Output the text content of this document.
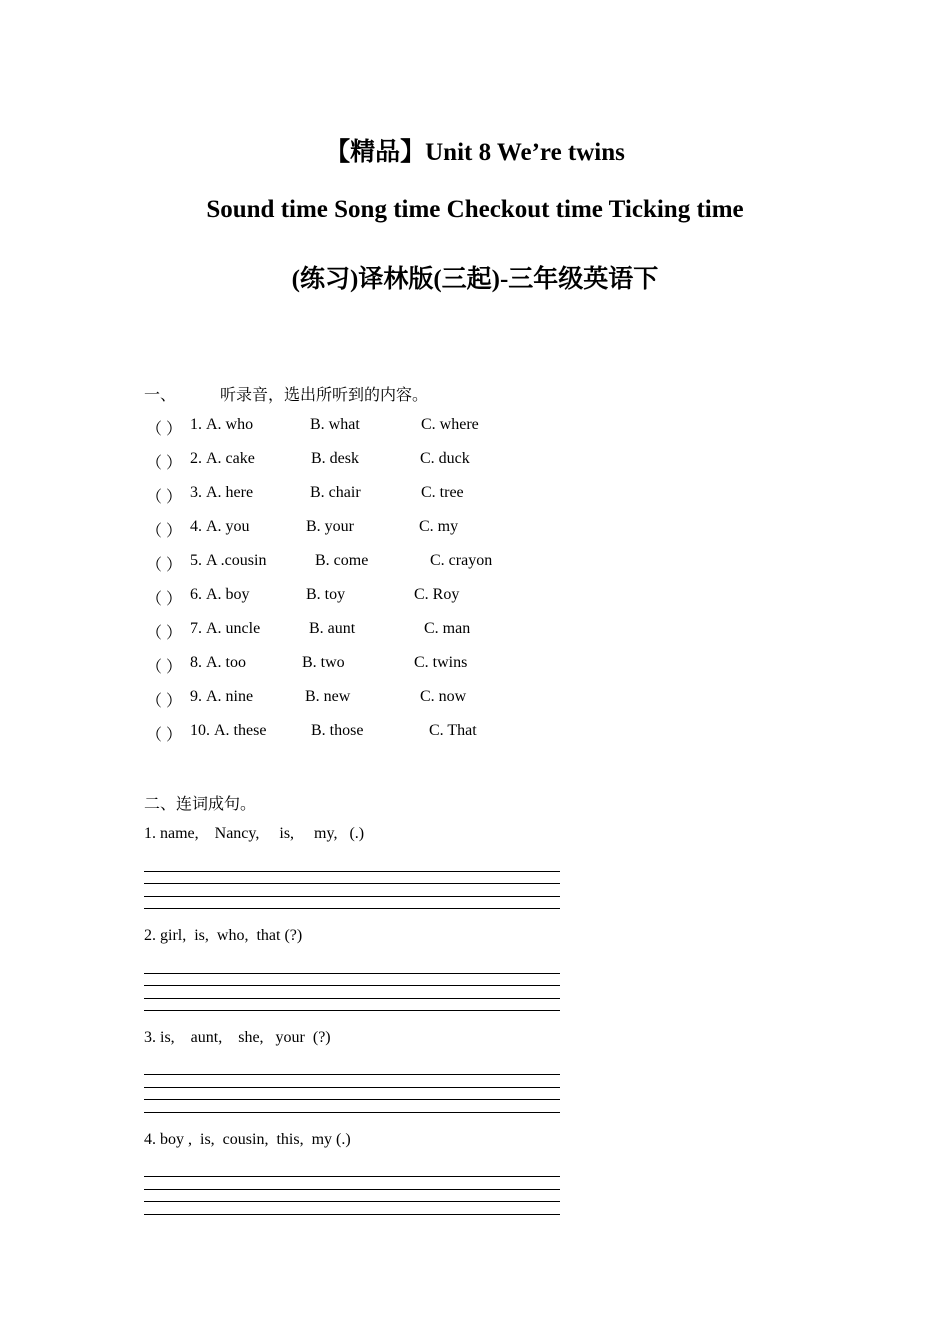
【精品】Unit 8 We’re twins
Sound time Song time Checkout time Ticking time
(练习)译林版(三起)-三年级英语下
一、	听录音，选出所听到的内容。
（ ） 1. A. who	B. what	C. where
（ ） 2. A. cake	B. desk	C. duck
（ ） 3. A. here	B. chair	C. tree
（ ） 4. A. you	B. your	C. my
（ ） 5. A .cousin	B. come	C. crayon
（ ） 6. A. boy	B. toy	C. Roy
（ ） 7. A. uncle	B. aunt	C. man
（ ） 8. A. too	B. two	C. twins
（ ） 9. A. nine	B. new	C. now
（ ） 10. A. these	B. those	C. That
二、连词成句。
1. name,    Nancy,     is,     my,   (.)
2. girl,  is,  who,  that (?)
3. is,    aunt,    she,   your  (?)
4. boy ,  is,  cousin,  this,  my (.)
